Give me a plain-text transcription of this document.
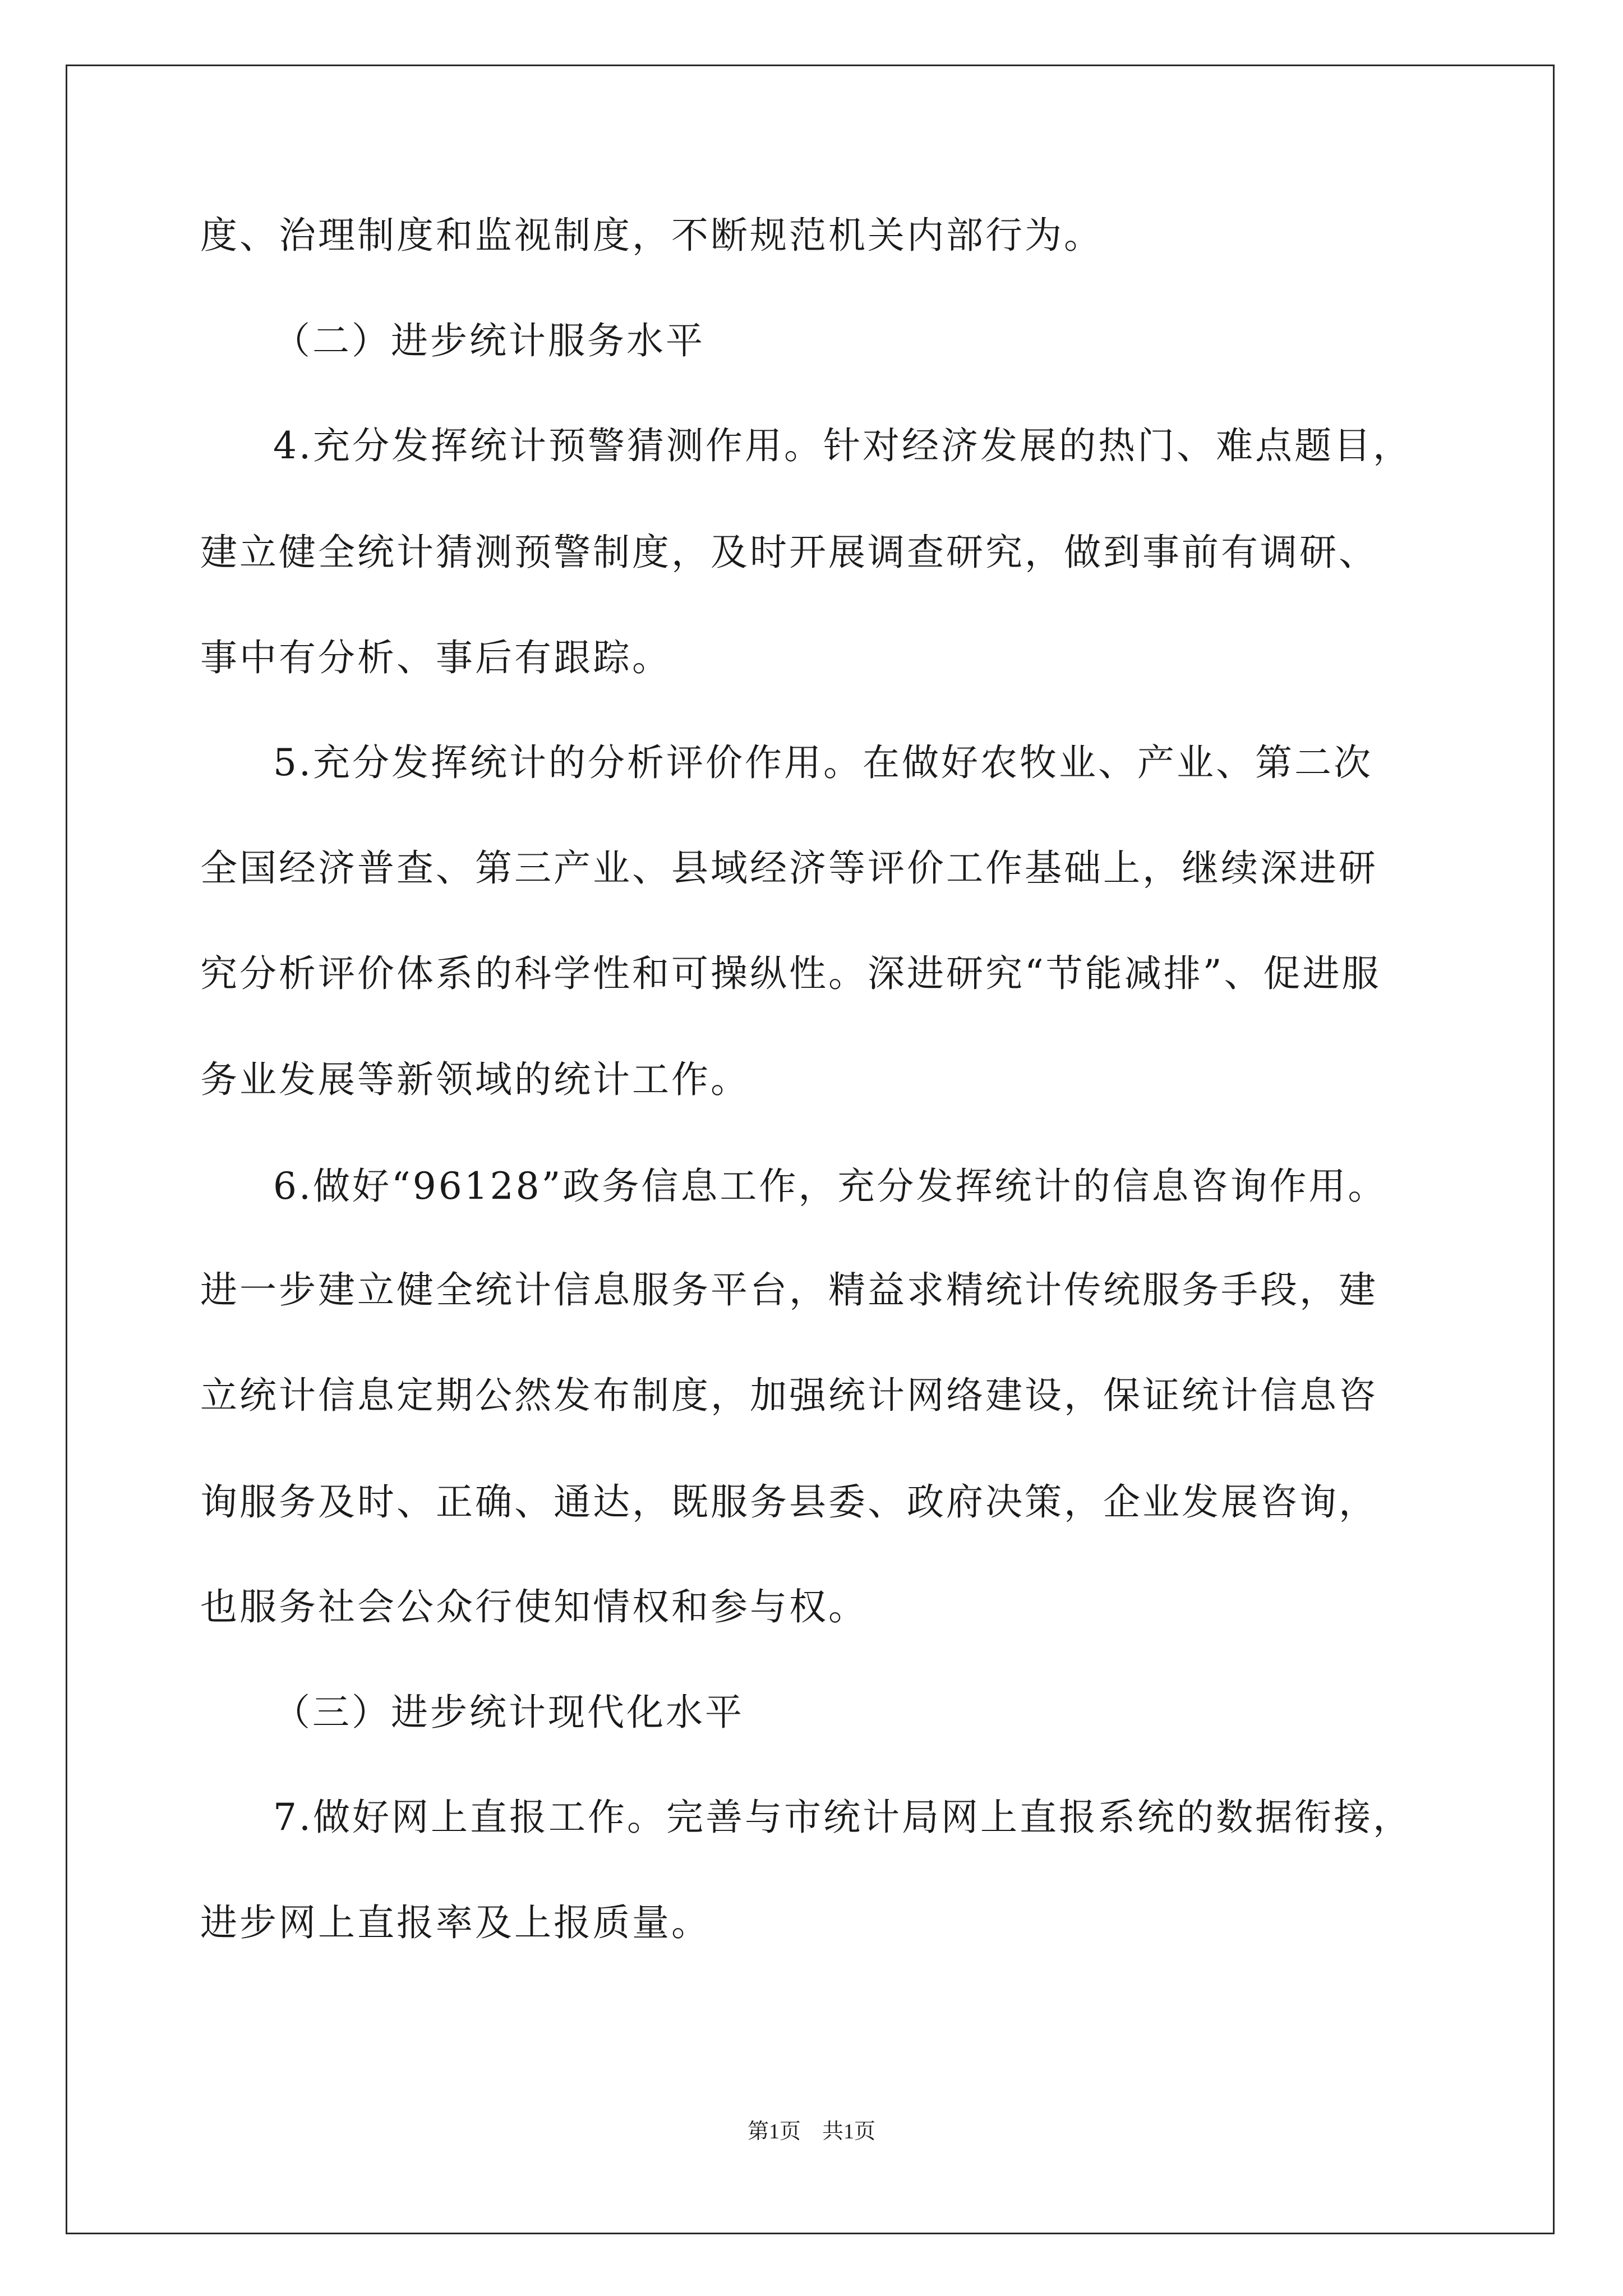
度、治理制度和监视制度，不断规范机关内部行为。
（二）进步统计服务水平
4.充分发挥统计预警猜测作用。针对经济发展的热门、难点题目，
建立健全统计猜测预警制度，及时开展调查研究，做到事前有调研、
事中有分析、事后有跟踪。
5.充分发挥统计的分析评价作用。在做好农牧业、产业、第二次
全国经济普查、第三产业、县域经济等评价工作基础上，继续深进研
究分析评价体系的科学性和可操纵性。深进研究“节能减排”、促进服
务业发展等新领域的统计工作。
6.做好“96128”政务信息工作，充分发挥统计的信息咨询作用。
进一步建立健全统计信息服务平台，精益求精统计传统服务手段，建
立统计信息定期公然发布制度，加强统计网络建设，保证统计信息咨
询服务及时、正确、通达，既服务县委、政府决策，企业发展咨询，
也服务社会公众行使知情权和参与权。
（三）进步统计现代化水平
7.做好网上直报工作。完善与市统计局网上直报系统的数据衔接，
进步网上直报率及上报质量。
第1页　共1页
